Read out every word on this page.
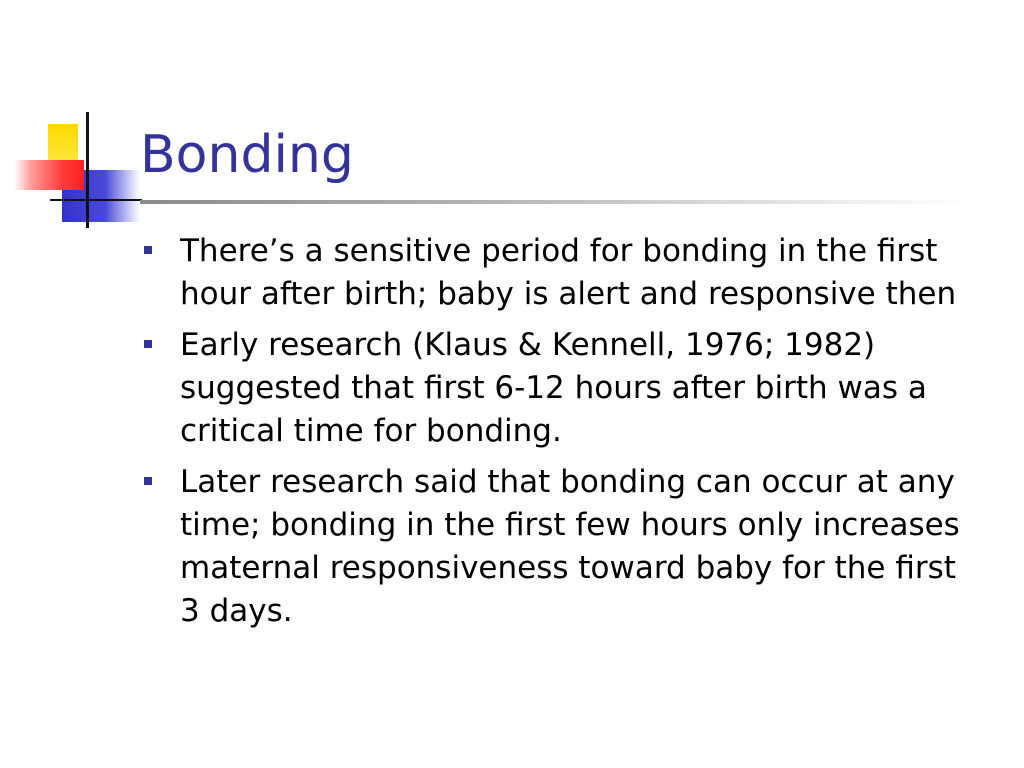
Bonding
There’s a sensitive period for bonding in the first hour after birth; baby is alert and responsive then
Early research (Klaus & Kennell, 1976; 1982) suggested that first 6-12 hours after birth was a critical time for bonding.
Later research said that bonding can occur at any time; bonding in the first few hours only increases maternal responsiveness toward baby for the first 3 days.
